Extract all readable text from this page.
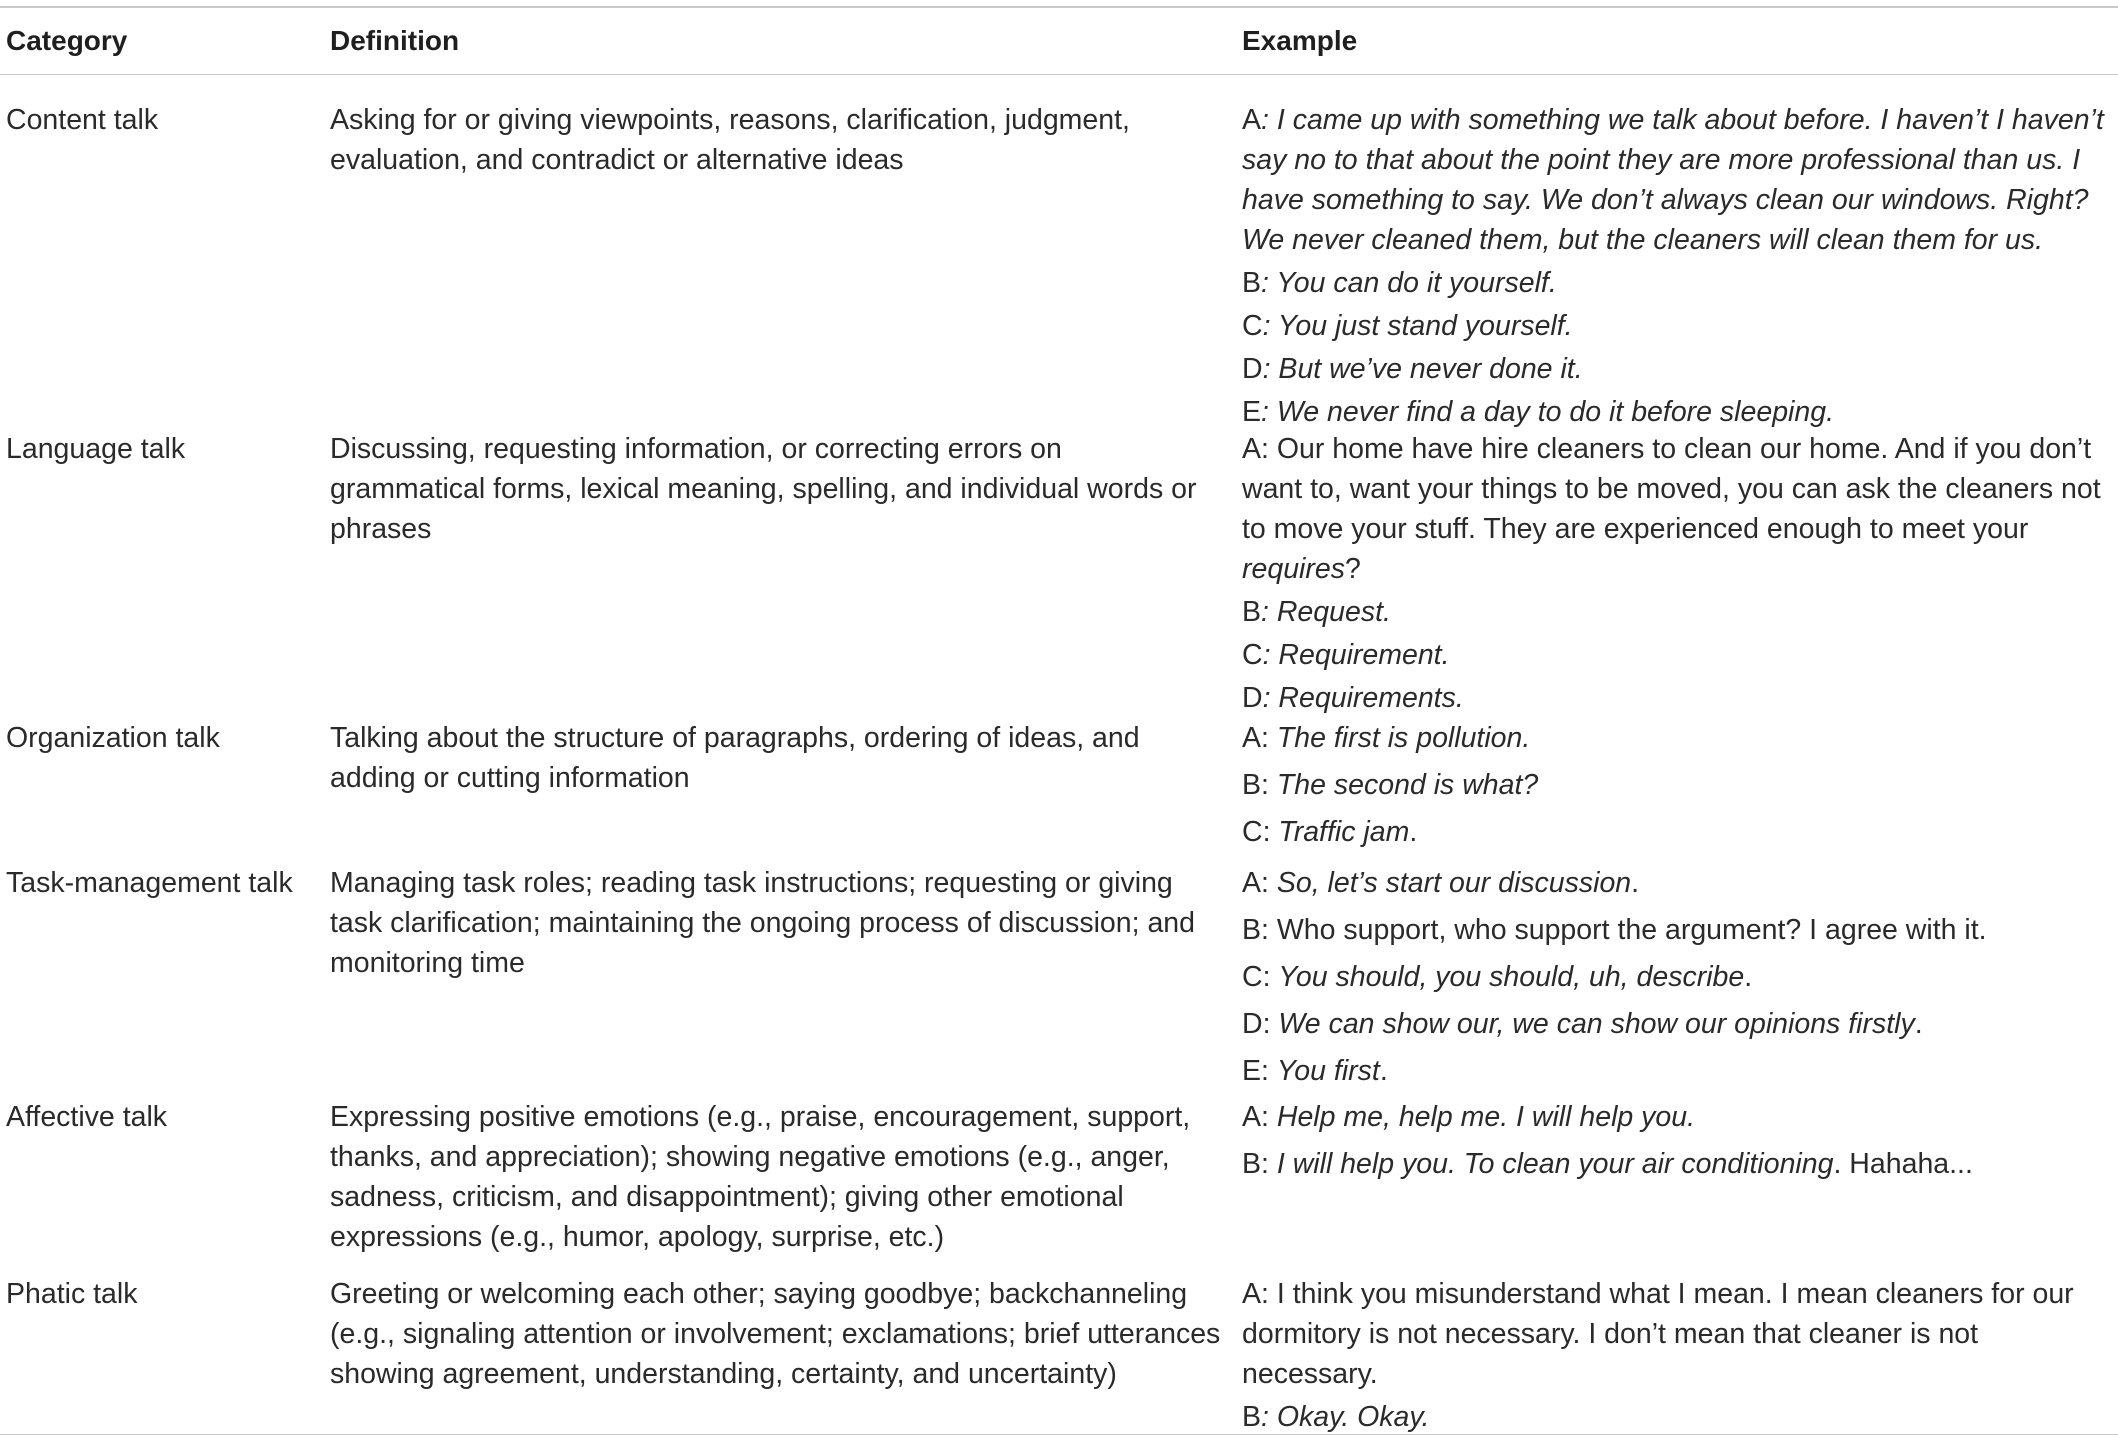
Category	Definition	Example
Content talk	Asking for or giving viewpoints, reasons, clarification, judgment, evaluation, and contradict or alternative ideas
A: I came up with something we talk about before. I haven’t I haven’t say no to that about the point they are more professional than us. I have something to say. We don’t always clean our windows. Right? We never cleaned them, but the cleaners will clean them for us.
B: You can do it yourself.
C: You just stand yourself.
D: But we’ve never done it.
E: We never find a day to do it before sleeping.
Language talk	Discussing, requesting information, or correcting errors on grammatical forms, lexical meaning, spelling, and individual words or phrases
A: Our home have hire cleaners to clean our home. And if you don’t want to, want your things to be moved, you can ask the cleaners not to move your stuff. They are experienced enough to meet your requires?
B: Request.
C: Requirement.
D: Requirements.
Organization talk	Talking about the structure of paragraphs, ordering of ideas, and adding or cutting information
A: The first is pollution.
B: The second is what?
C: Traffic jam.
Task-management talk	Managing task roles; reading task instructions; requesting or giving task clarification; maintaining the ongoing process of discussion; and monitoring time
A: So, let’s start our discussion.
B: Who support, who support the argument? I agree with it.
C: You should, you should, uh, describe.
D: We can show our, we can show our opinions firstly.
E: You first.
Affective talk	Expressing positive emotions (e.g., praise, encouragement, support, thanks, and appreciation); showing negative emotions (e.g., anger, sadness, criticism, and disappointment); giving other emotional expressions (e.g., humor, apology, surprise, etc.)
A: Help me, help me. I will help you.
B: I will help you. To clean your air conditioning. Hahaha...
Phatic talk	Greeting or welcoming each other; saying goodbye; backchanneling (e.g., signaling attention or involvement; exclamations; brief utterances showing agreement, understanding, certainty, and uncertainty)
A: I think you misunderstand what I mean. I mean cleaners for our dormitory is not necessary. I don’t mean that cleaner is not necessary.
B: Okay. Okay.
